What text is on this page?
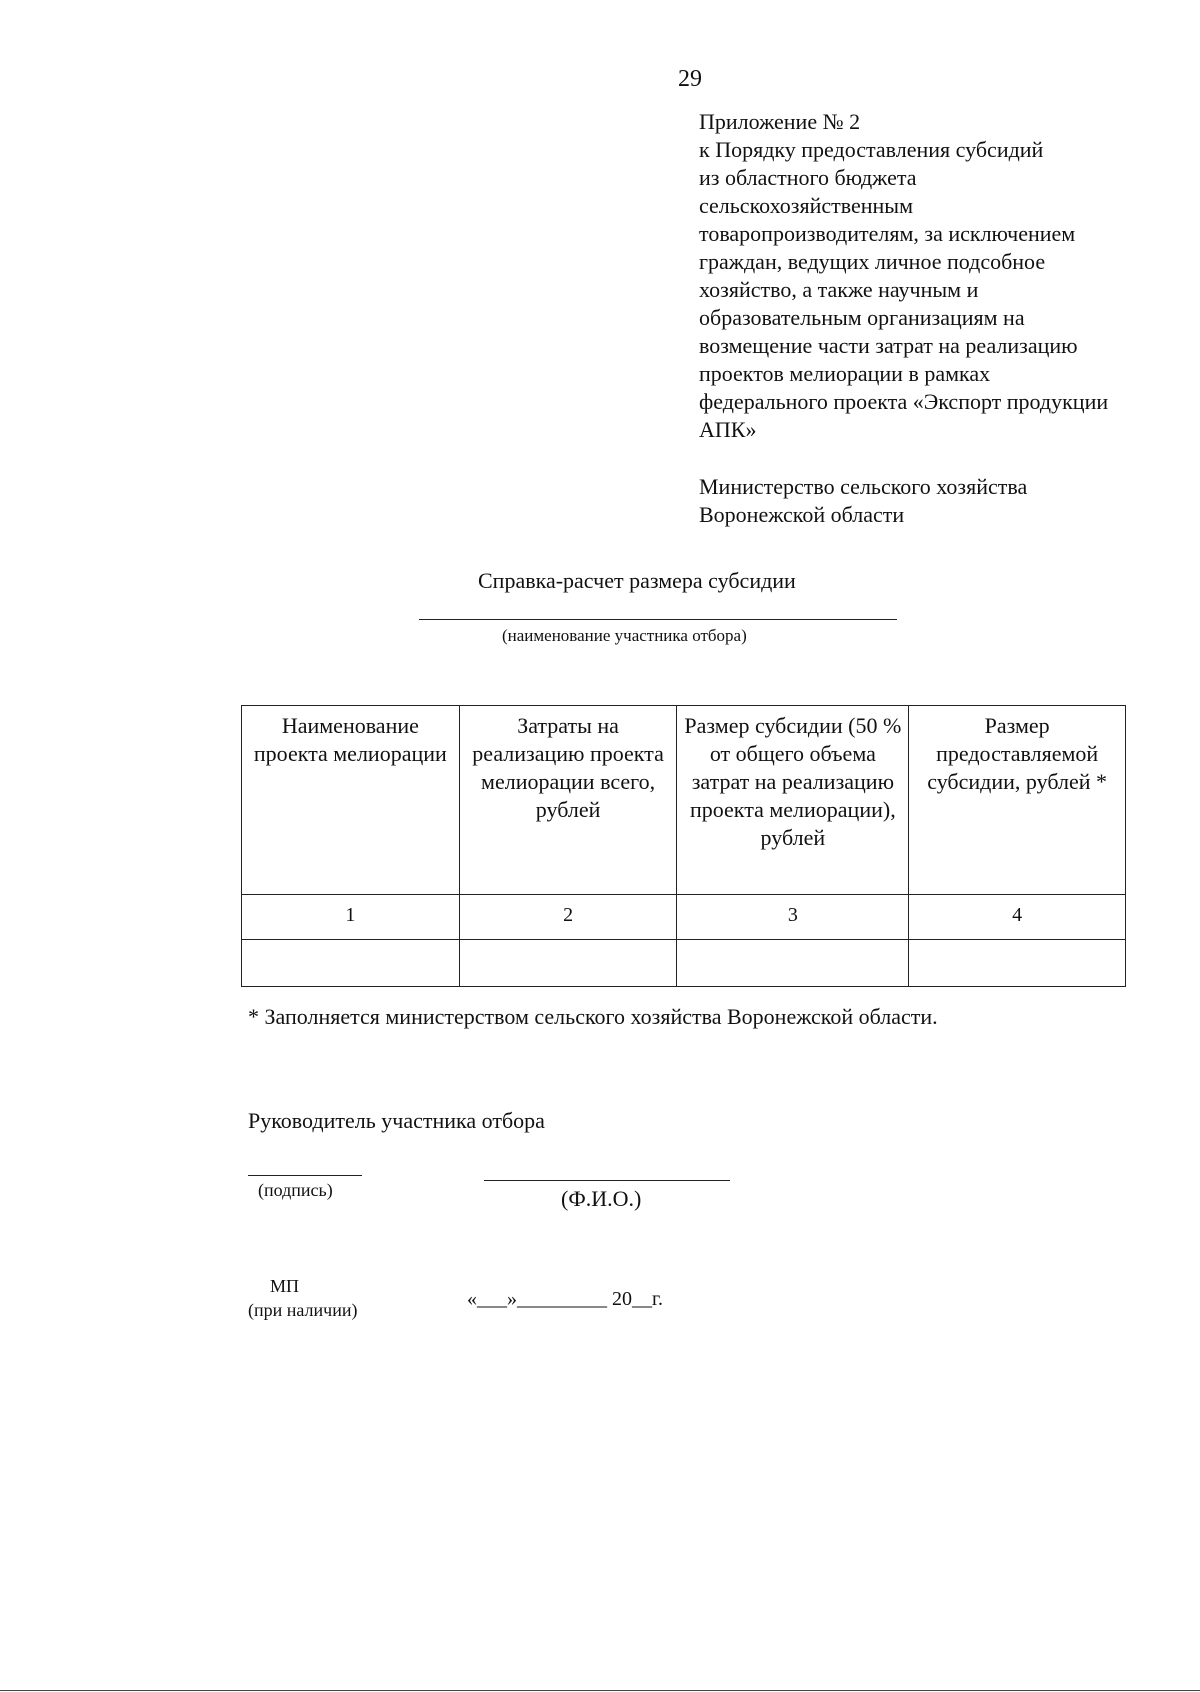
29
Приложение № 2
к Порядку предоставления субсидий
из областного бюджета
сельскохозяйственным
товаропроизводителям, за исключением
граждан, ведущих личное подсобное
хозяйство, а также научным и
образовательным организациям на
возмещение части затрат на реализацию
проектов мелиорации в рамках
федерального проекта «Экспорт продукции
АПК»
Министерство сельского хозяйства
Воронежской области
Справка-расчет размера субсидии
(наименование участника отбора)
Наименование проекта мелиорации	Затраты на реализацию проекта мелиорации всего, рублей	Размер субсидии (50 % от общего объема затрат на реализацию проекта мелиорации), рублей	Размер предоставляемой субсидии, рублей *
1	2	3	4

* Заполняется министерством сельского хозяйства Воронежской области.
Руководитель участника отбора
(подпись)	(Ф.И.О.)
МП
(при наличии)	«___»_________ 20__г.
